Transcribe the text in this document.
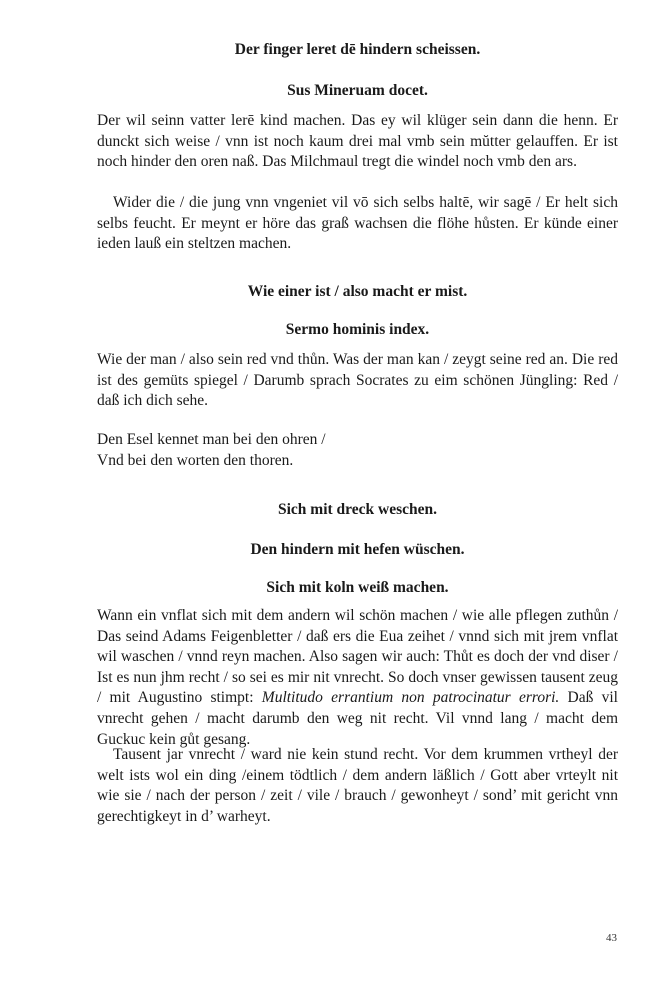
Der finger leret dē hindern scheissen.
Sus Mineruam docet.

Der wil seinn vatter lerē kind machen. Das ey wil klüger sein dann die henn. Er dunckt sich weise / vnn ist noch kaum drei mal vmb sein mŭtter gelauffen. Er ist noch hinder den oren naß. Das Milchmaul tregt die windel noch vmb den ars.

Wider die / die jung vnn vngeniet vil vō sich selbs haltē, wir sagē / Er helt sich selbs feucht. Er meynt er höre das graß wachsen die flöhe hůsten. Er künde einer ieden lauß ein steltzen machen.

Wie einer ist / also macht er mist.
Sermo hominis index.

Wie der man / also sein red vnd thůn. Was der man kan / zeygt seine red an. Die red ist des gemüts spiegel / Darumb sprach Socrates zu eim schönen Jüngling: Red / daß ich dich sehe.

Den Esel kennet man bei den ohren /
Vnd bei den worten den thoren.
Sich mit dreck weschen.
Den hindern mit hefen wüschen.
Sich mit koln weiß machen.

Wann ein vnflat sich mit dem andern wil schön machen / wie alle pflegen zuthůn / Das seind Adams Feigenbletter / daß ers die Eua zeihet / vnnd sich mit jrem vnflat wil waschen / vnnd reyn machen. Also sagen wir auch: Thůt es doch der vnd diser / Ist es nun jhm recht / so sei es mir nit vnrecht. So doch vnser gewissen tausent zeug / mit Augustino stimpt: Multitudo errantium non patrocinatur errori. Daß vil vnrecht gehen / macht darumb den weg nit recht. Vil vnnd lang / macht dem Guckuc kein gůt gesang.

Tausent jar vnrecht / ward nie kein stund recht. Vor dem krummen vrtheyl der welt ists wol ein ding /einem tödtlich / dem andern läßlich / Gott aber vrteylt nit wie sie / nach der person / zeit / vile / brauch / gewonheyt / sond’ mit gericht vnn gerechtigkeyt in d’ warheyt.

43
